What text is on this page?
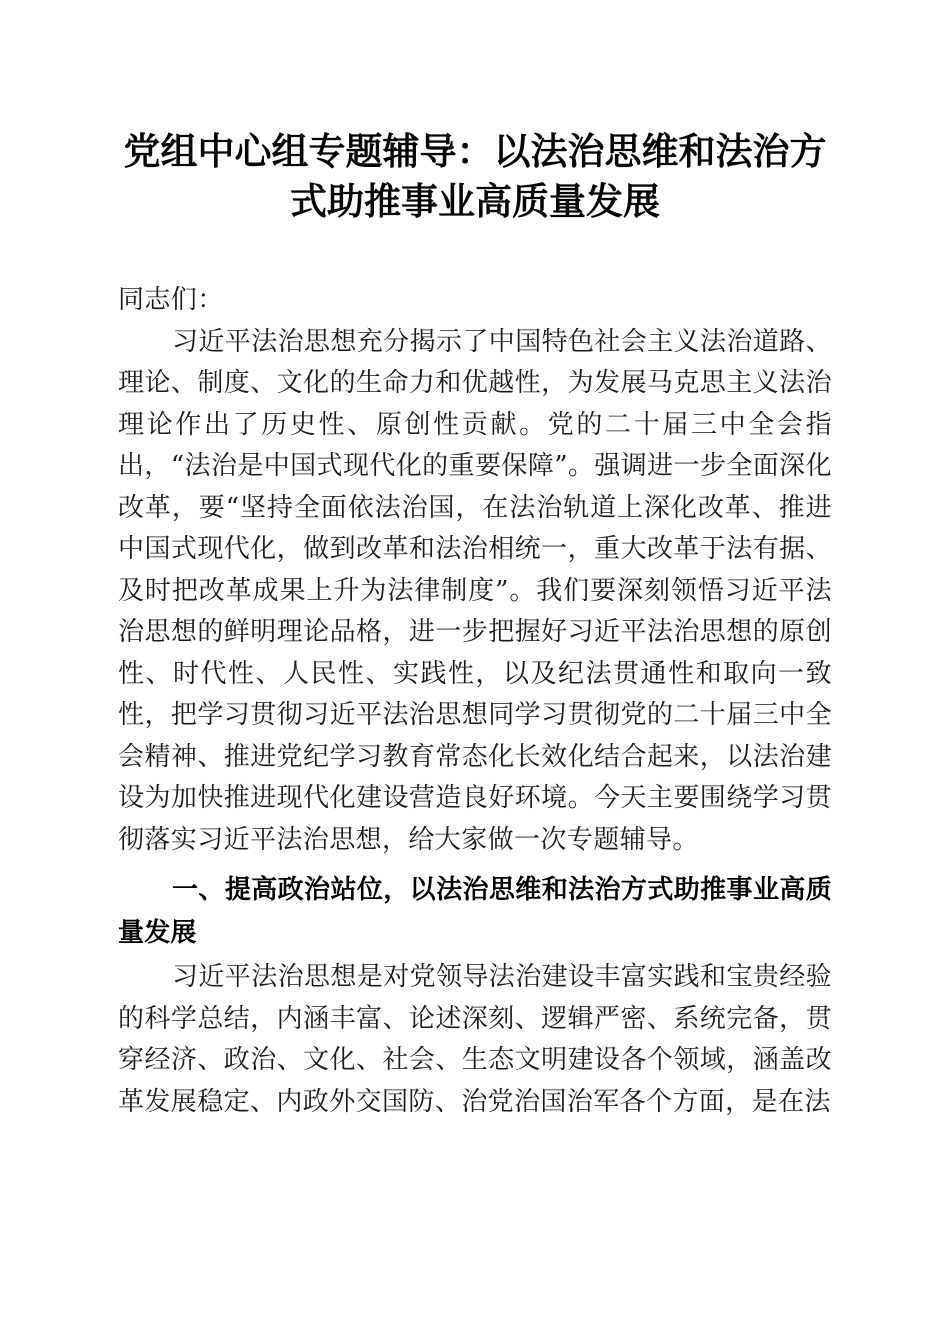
党组中心组专题辅导：以法治思维和法治方式助推事业高质量发展

同志们：

习近平法治思想充分揭示了中国特色社会主义法治道路、理论、制度、文化的生命力和优越性，为发展马克思主义法治理论作出了历史性、原创性贡献。党的二十届三中全会指出，“法治是中国式现代化的重要保障”。强调进一步全面深化改革，要“坚持全面依法治国，在法治轨道上深化改革、推进中国式现代化，做到改革和法治相统一，重大改革于法有据、及时把改革成果上升为法律制度”。我们要深刻领悟习近平法治思想的鲜明理论品格，进一步把握好习近平法治思想的原创性、时代性、人民性、实践性，以及纪法贯通性和取向一致性，把学习贯彻习近平法治思想同学习贯彻党的二十届三中全会精神、推进党纪学习教育常态化长效化结合起来，以法治建设为加快推进现代化建设营造良好环境。今天主要围绕学习贯彻落实习近平法治思想，给大家做一次专题辅导。

一、提高政治站位，以法治思维和法治方式助推事业高质量发展

习近平法治思想是对党领导法治建设丰富实践和宝贵经验的科学总结，内涵丰富、论述深刻、逻辑严密、系统完备，贯穿经济、政治、文化、社会、生态文明建设各个领域，涵盖改革发展稳定、内政外交国防、治党治国治军各个方面，是在法
